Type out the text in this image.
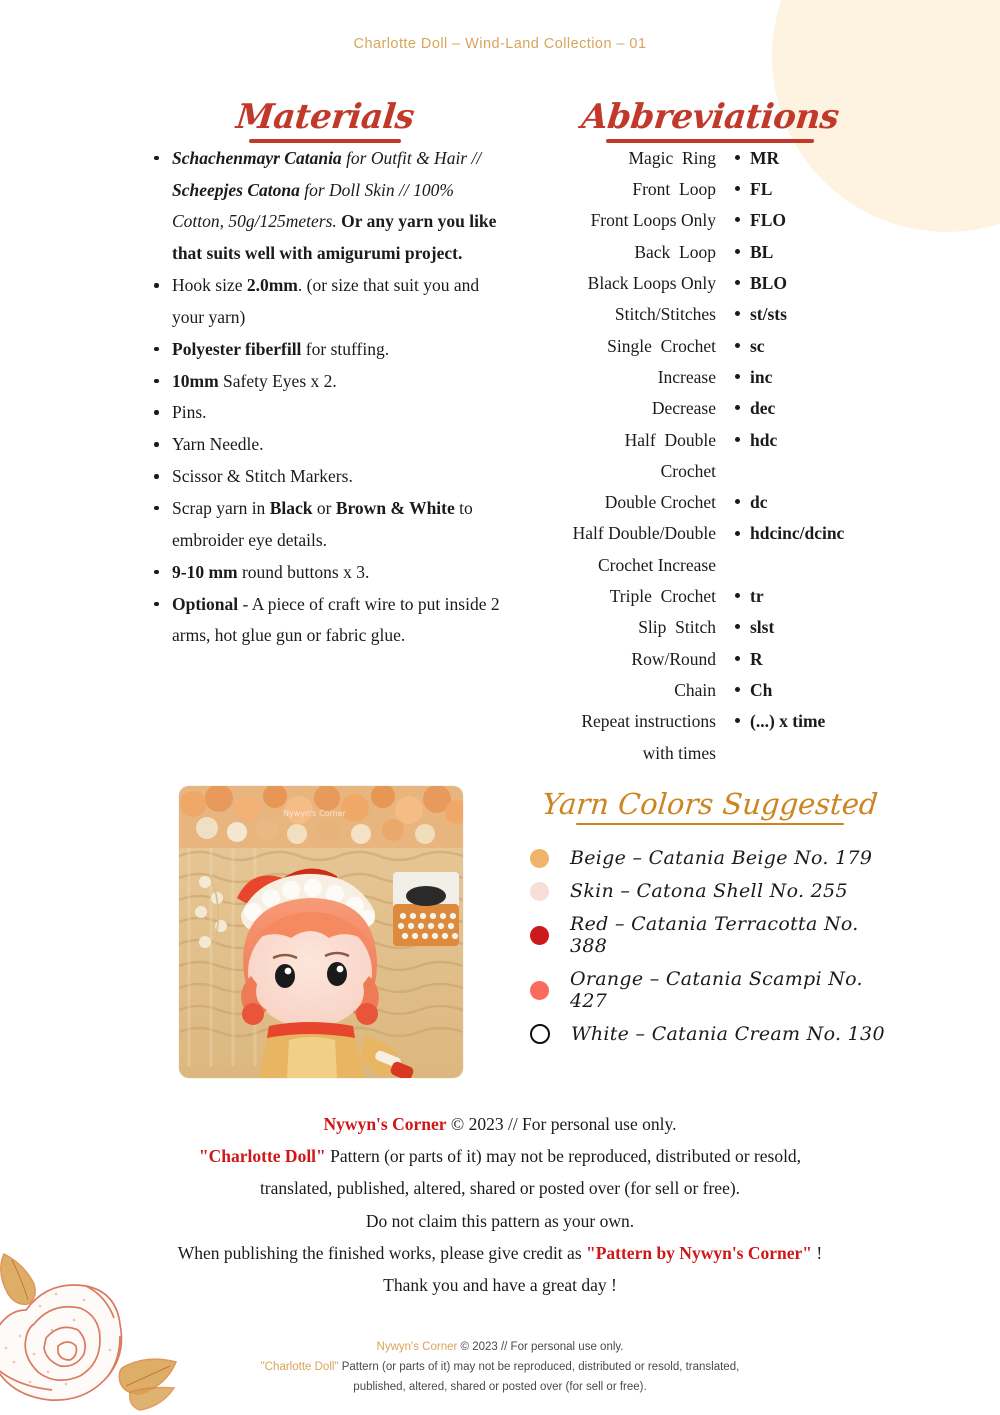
Charlotte Doll – Wind-Land Collection – 01
Materials
Schachenmayr Catania for Outfit & Hair // Scheepjes Catona for Doll Skin // 100% Cotton, 50g/125meters. Or any yarn you like that suits well with amigurumi project.
Hook size 2.0mm. (or size that suit you and your yarn)
Polyester fiberfill for stuffing.
10mm Safety Eyes x 2.
Pins.
Yarn Needle.
Scissor & Stitch Markers.
Scrap yarn in Black or Brown & White to embroider eye details.
9-10 mm round buttons x 3.
Optional - A piece of craft wire to put inside 2 arms, hot glue gun or fabric glue.
Abbreviations
Magic  Ring	MR
Front  Loop	FL
Front Loops Only	FLO
Back  Loop	BL
Black Loops Only	BLO
Stitch/Stitches	st/sts
Single  Crochet	sc
Increase	inc
Decrease	dec
Half  Double	hdc
Crochet
Double Crochet	dc
Half Double/Double	hdcinc/dcinc
Crochet Increase
Triple  Crochet	tr
Slip  Stitch	slst
Row/Round	R
Chain	Ch
Repeat instructions	(...) x time
with times
Yarn Colors Suggested
Beige – Catania Beige No. 179
Skin – Catona Shell No. 255
Red – Catania Terracotta No. 388
Orange – Catania Scampi No. 427
White – Catania Cream No. 130
Nywyn's Corner
Nywyn's Corner © 2023 // For personal use only.
"Charlotte Doll" Pattern (or parts of it) may not be reproduced, distributed or resold,
translated, published, altered, shared or posted over (for sell or free).
Do not claim this pattern as your own.
When publishing the finished works, please give credit as "Pattern by Nywyn's Corner" !
Thank you and have a great day !
Nywyn's Corner © 2023 // For personal use only.
"Charlotte Doll" Pattern (or parts of it) may not be reproduced, distributed or resold, translated,
published, altered, shared or posted over (for sell or free).
